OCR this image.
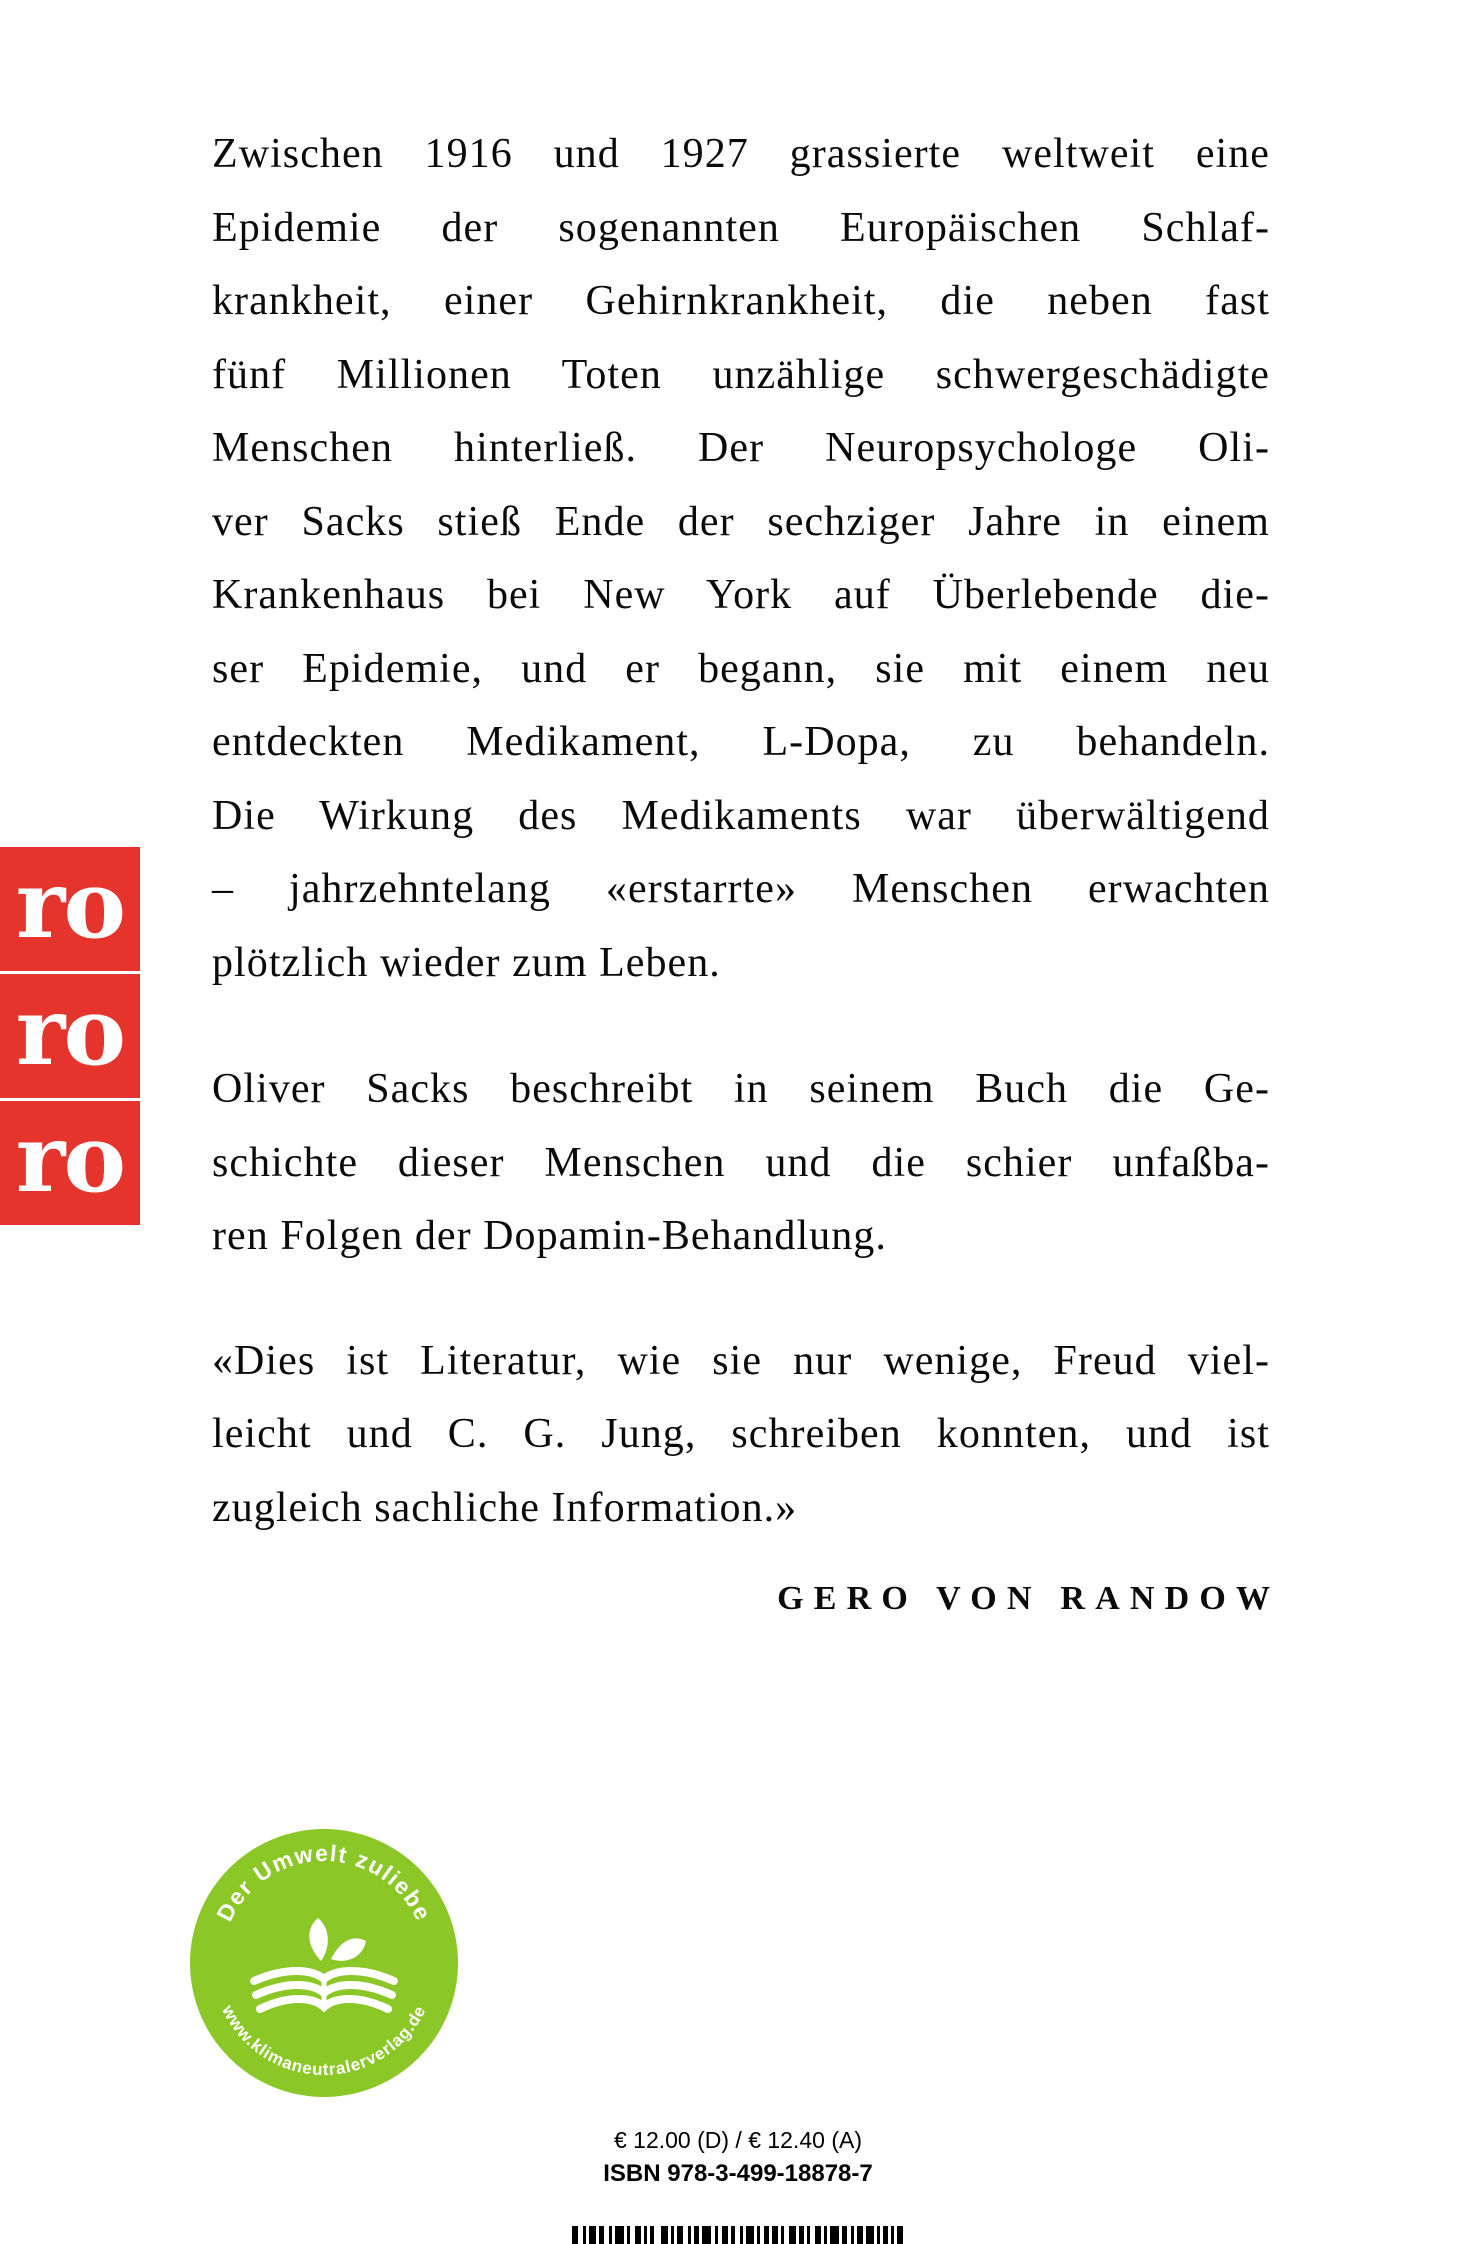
ro
ro
ro
Zwischen 1916 und 1927 grassierte weltweit eine
Epidemie der sogenannten Europäischen Schlaf-
krankheit, einer Gehirnkrankheit, die neben fast
fünf Millionen Toten unzählige schwergeschädigte
Menschen hinterließ. Der Neuropsychologe Oli-
ver Sacks stieß Ende der sechziger Jahre in einem
Krankenhaus bei New York auf Überlebende die-
ser Epidemie, und er begann, sie mit einem neu
entdeckten Medikament, L-Dopa, zu behandeln.
Die Wirkung des Medikaments war überwältigend
– jahrzehntelang «erstarrte» Menschen erwachten
plötzlich wieder zum Leben.
Oliver Sacks beschreibt in seinem Buch die Ge-
schichte dieser Menschen und die schier unfaßba-
ren Folgen der Dopamin-Behandlung.
«Dies ist Literatur, wie sie nur wenige, Freud viel-
leicht und C. G. Jung, schreiben konnten, und ist
zugleich sachliche Information.»
GERO VON RANDOW
Der Umwelt zuliebe
www.klimaneutralerverlag.de
€ 12.00 (D) / € 12.40 (A)
ISBN 978-3-499-18878-7
